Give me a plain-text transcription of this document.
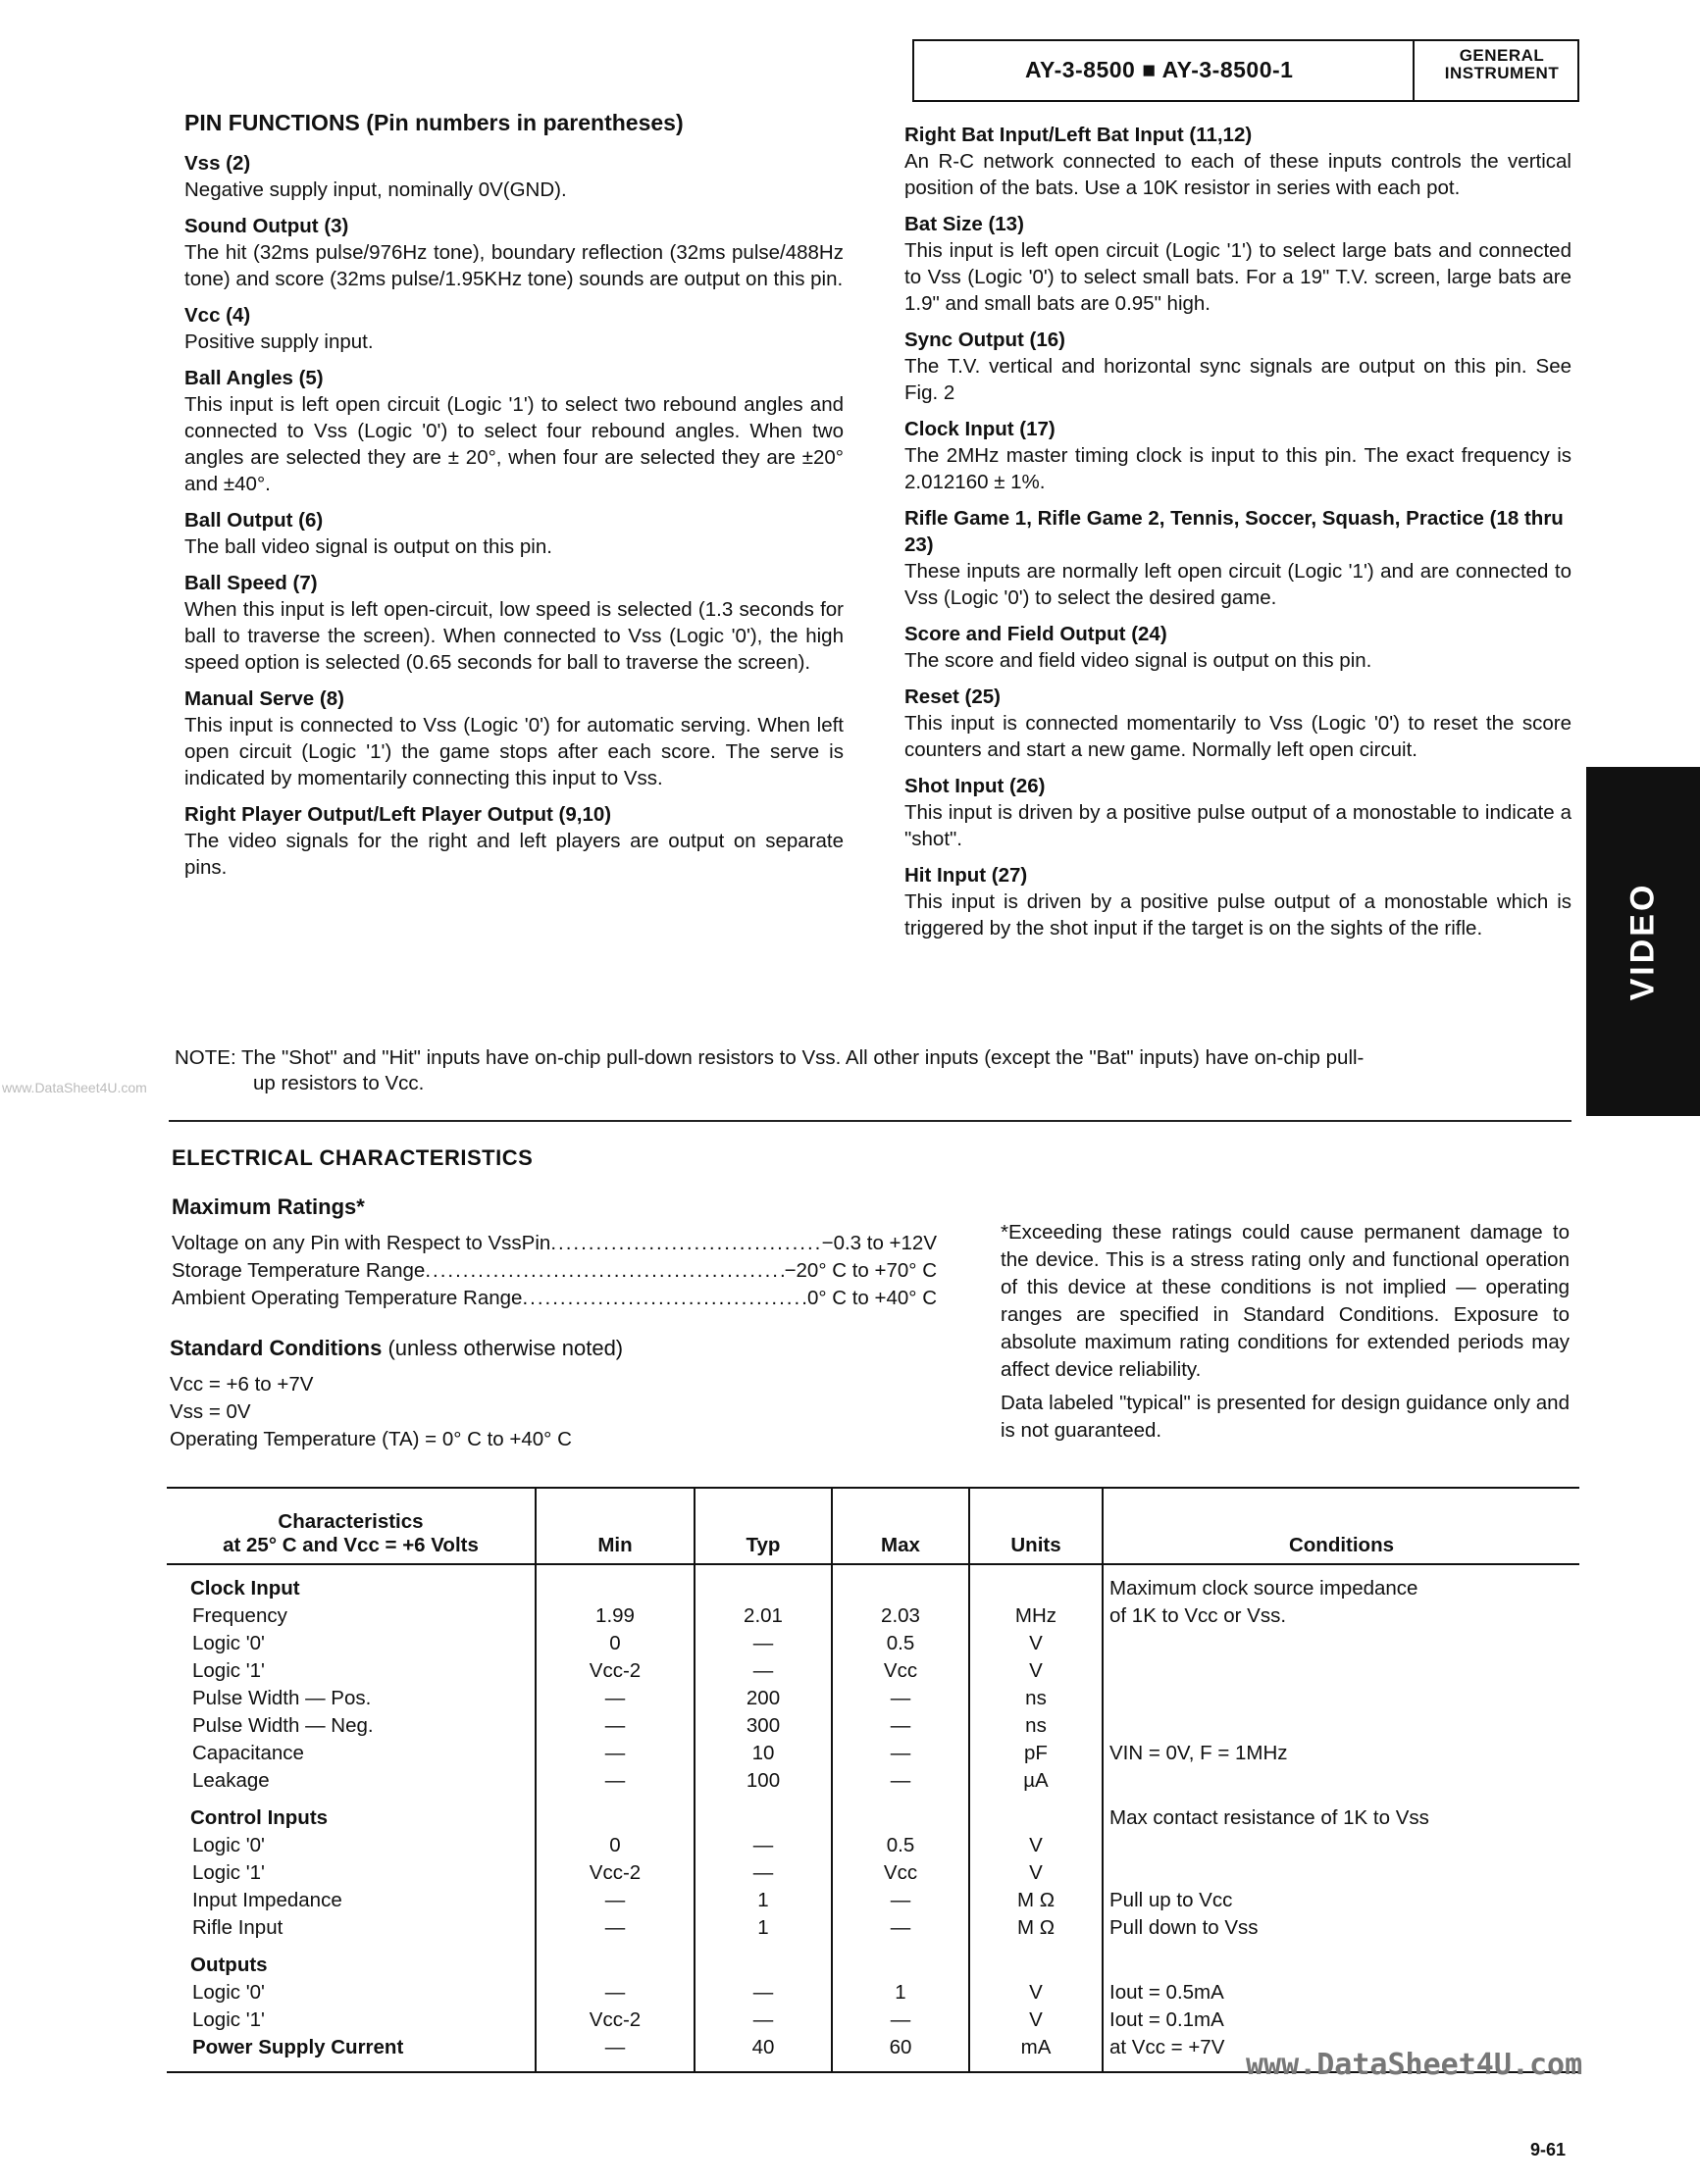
AY-3-8500 ■ AY-3-8500-1
GENERAL
INSTRUMENT
VIDEO
www.DataSheet4U.com
PIN FUNCTIONS (Pin numbers in parentheses)
Vss (2)
Negative supply input, nominally 0V(GND).
Sound Output (3)
The hit (32ms pulse/976Hz tone), boundary reflection (32ms pulse/488Hz tone) and score (32ms pulse/1.95KHz tone) sounds are output on this pin.
Vcc (4)
Positive supply input.
Ball Angles (5)
This input is left open circuit (Logic '1') to select two rebound angles and connected to Vss (Logic '0') to select four rebound angles. When two angles are selected they are ± 20°, when four are selected they are ±20° and ±40°.
Ball Output (6)
The ball video signal is output on this pin.
Ball Speed (7)
When this input is left open-circuit, low speed is selected (1.3 seconds for ball to traverse the screen). When connected to Vss (Logic '0'), the high speed option is selected (0.65 seconds for ball to traverse the screen).
Manual Serve (8)
This input is connected to Vss (Logic '0') for automatic serving. When left open circuit (Logic '1') the game stops after each score. The serve is indicated by momentarily connecting this input to Vss.
Right Player Output/Left Player Output (9,10)
The video signals for the right and left players are output on separate pins.
Right Bat Input/Left Bat Input (11,12)
An R-C network connected to each of these inputs controls the vertical position of the bats. Use a 10K resistor in series with each pot.
Bat Size (13)
This input is left open circuit (Logic '1') to select large bats and connected to Vss (Logic '0') to select small bats. For a 19" T.V. screen, large bats are 1.9" and small bats are 0.95" high.
Sync Output (16)
The T.V. vertical and horizontal sync signals are output on this pin. See Fig. 2
Clock Input (17)
The 2MHz master timing clock is input to this pin. The exact frequency is 2.012160 ± 1%.
Rifle Game 1, Rifle Game 2, Tennis, Soccer, Squash, Practice (18 thru 23)
These inputs are normally left open circuit (Logic '1') and are connected to Vss (Logic '0') to select the desired game.
Score and Field Output (24)
The score and field video signal is output on this pin.
Reset (25)
This input is connected momentarily to Vss (Logic '0') to reset the score counters and start a new game. Normally left open circuit.
Shot Input (26)
This input is driven by a positive pulse output of a monostable to indicate a "shot".
Hit Input (27)
This input is driven by a positive pulse output of a monostable which is triggered by the shot input if the target is on the sights of the rifle.
NOTE: The "Shot" and "Hit" inputs have on-chip pull-down resistors to Vss. All other inputs (except the "Bat" inputs) have on-chip pull-
up resistors to Vcc.
ELECTRICAL CHARACTERISTICS
Maximum Ratings*
Voltage on any Pin with Respect to VssPin .....	−0.3 to +12V
Storage Temperature Range .....	−20° C to +70° C
Ambient Operating Temperature Range .....	0° C to +40° C
Standard Conditions (unless otherwise noted)
Vcc = +6 to +7V
Vss = 0V
Operating Temperature (TA) = 0° C to +40° C

*Exceeding these ratings could cause permanent damage to the device. This is a stress rating only and functional operation of this device at these conditions is not implied — operating ranges are specified in Standard Conditions. Exposure to absolute maximum rating conditions for extended periods may affect device reliability.

Data labeled "typical" is presented for design guidance only and is not guaranteed.

Characteristics
at 25° C and Vcc = +6 Volts	Min	Typ	Max	Units	Conditions
Clock Input					Maximum clock source impedance
Frequency	1.99	2.01	2.03	MHz	of 1K to Vcc or Vss.
Logic '0'	0	—	0.5	V	
Logic '1'	Vcc-2	—	Vcc	V	
Pulse Width — Pos.	—	200	—	ns	
Pulse Width — Neg.	—	300	—	ns	
Capacitance	—	10	—	pF	VIN = 0V, F = 1MHz
Leakage	—	100	—	µA	
Control Inputs					Max contact resistance of 1K to Vss
Logic '0'	0	—	0.5	V	
Logic '1'	Vcc-2	—	Vcc	V	
Input Impedance	—	1	—	M Ω	Pull up to Vcc
Rifle Input	—	1	—	M Ω	Pull down to Vss
Outputs					
Logic '0'	—	—	1	V	Iout = 0.5mA
Logic '1'	Vcc-2	—	—	V	Iout = 0.1mA
Power Supply Current	—	40	60	mA	at Vcc = +7V
www.DataSheet4U.com
9-61
